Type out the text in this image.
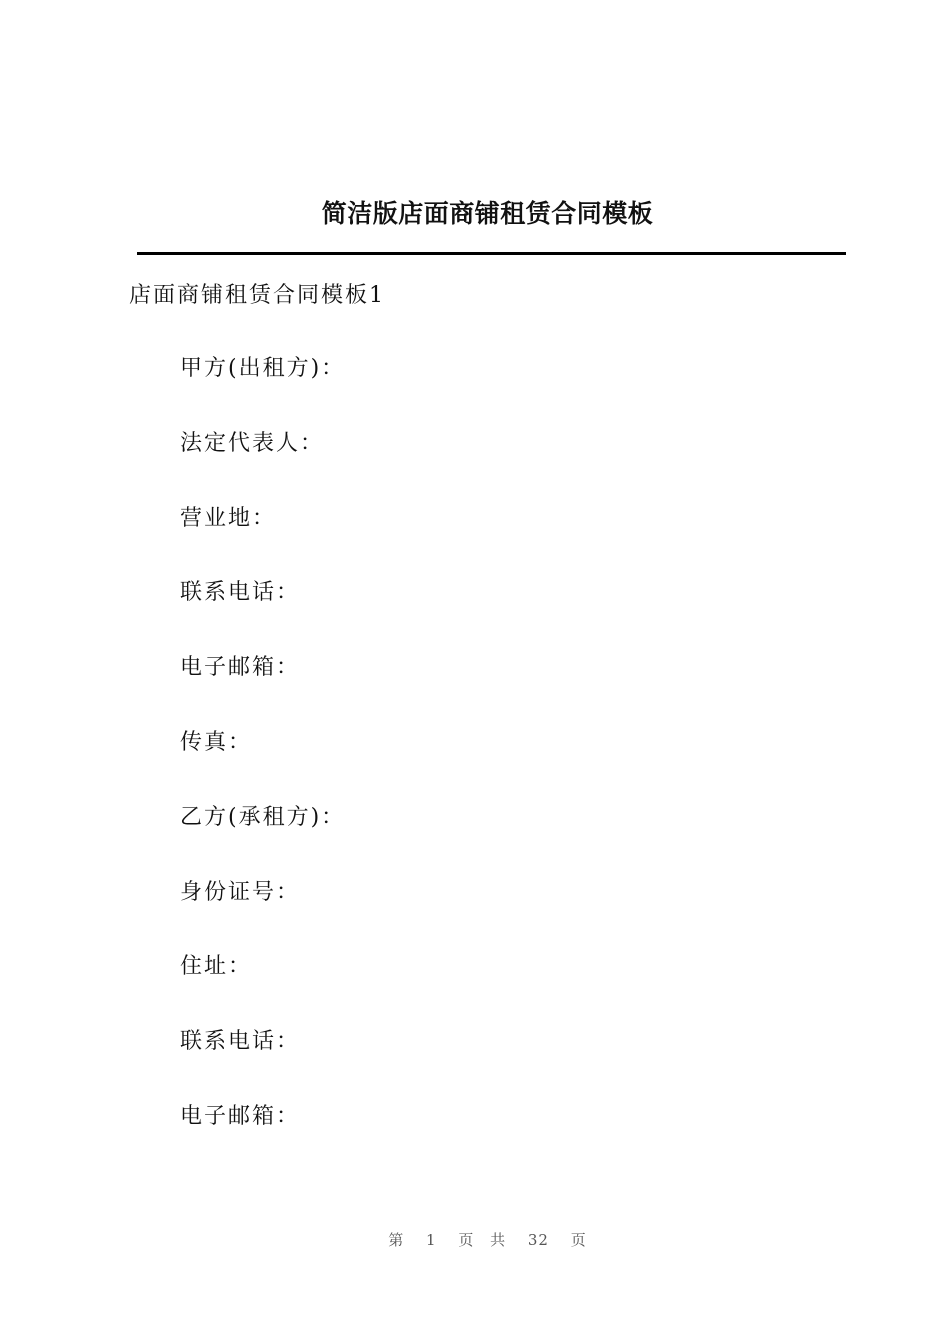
简洁版店面商铺租赁合同模板
店面商铺租赁合同模板1
甲方(出租方)：
法定代表人：
营业地：
联系电话：
电子邮箱：
传真：
乙方(承租方)：
身份证号：
住址：
联系电话：
电子邮箱：
第 1 页 共 32 页
